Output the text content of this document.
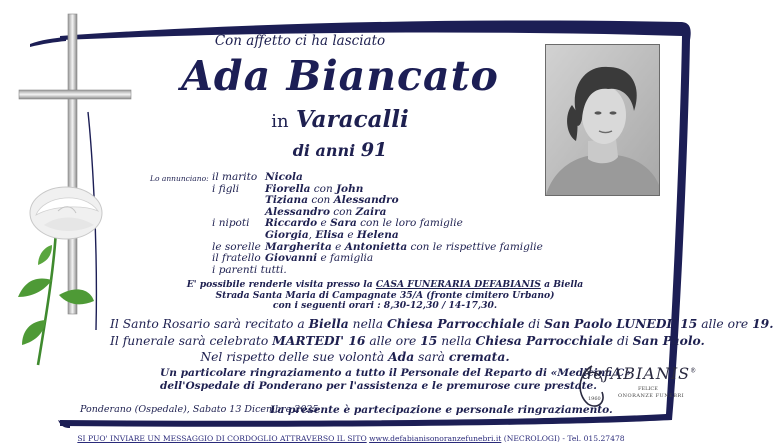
Con affetto ci ha lasciato
Ada Biancato
in Varacalli
di anni 91
Lo annunciano: il marito Nicola
i figli Fiorella con John
Tiziana con Alessandro
Alessandro con Zaira
i nipoti Riccardo e Sara con le loro famiglie
Giorgia, Elisa e Helena
le sorelle Margherita e Antonietta con le rispettive famiglie
il fratello Giovanni e famiglia
i parenti tutti.
E' possibile renderle visita presso la CASA FUNERARIA DEFABIANIS a Biella
Strada Santa Maria di Campagnate 35/A (fronte cimitero Urbano)
con i seguenti orari : 8,30-12,30 / 14-17,30.
Il Santo Rosario sarà recitato a Biella nella Chiesa Parrocchiale di San Paolo LUNEDI' 15 alle ore 19.
Il funerale sarà celebrato MARTEDI' 16 alle ore 15 nella Chiesa Parrocchiale di San Paolo.
Nel rispetto delle sue volontà Ada sarà cremata.
Un particolare ringraziamento a tutto il Personale del Reparto di «Medicina C»
dell'Ospedale di Ponderano per l'assistenza e le premurose cure prestate.
Ponderano (Ospedale), Sabato 13 Dicembre 2025
La presente è partecipazione e personale ringraziamento.
defABIANIS®
FELICE
ONORANZE FUNEBRI
1960
SI PUO' INVIARE UN MESSAGGIO DI CORDOGLIO ATTRAVERSO IL SITO www.defabianisonoranzefunebri.it (NECROLOGI) - Tel. 015.27478
